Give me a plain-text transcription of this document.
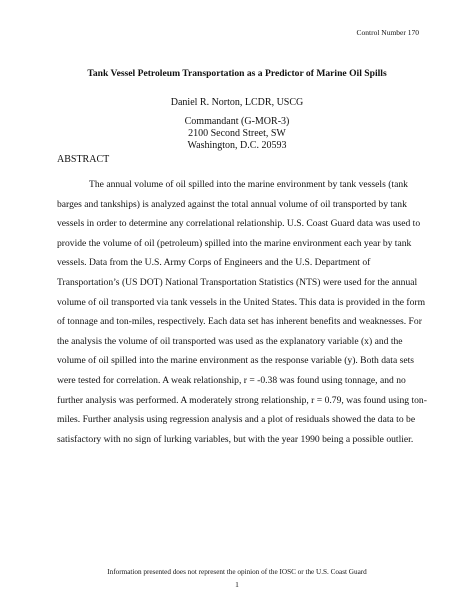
Control Number 170
Tank Vessel Petroleum Transportation as a Predictor of Marine Oil Spills
Daniel R. Norton, LCDR, USCG
Commandant (G-MOR-3)
2100 Second Street, SW
Washington, D.C. 20593
ABSTRACT
The annual volume of oil spilled into the marine environment by tank vessels (tank
barges and tankships) is analyzed against the total annual volume of oil transported by tank
vessels in order to determine any correlational relationship. U.S. Coast Guard data was used to
provide the volume of oil (petroleum) spilled into the marine environment each year by tank
vessels. Data from the U.S. Army Corps of Engineers and the U.S. Department of
Transportation’s (US DOT) National Transportation Statistics (NTS) were used for the annual
volume of oil transported via tank vessels in the United States. This data is provided in the form
of tonnage and ton-miles, respectively. Each data set has inherent benefits and weaknesses. For
the analysis the volume of oil transported was used as the explanatory variable (x) and the
volume of oil spilled into the marine environment as the response variable (y). Both data sets
were tested for correlation. A weak relationship, r = -0.38 was found using tonnage, and no
further analysis was performed. A moderately strong relationship, r = 0.79, was found using ton-
miles. Further analysis using regression analysis and a plot of residuals showed the data to be
satisfactory with no sign of lurking variables, but with the year 1990 being a possible outlier.
Information presented does not represent the opinion of the IOSC or the U.S. Coast Guard
1
